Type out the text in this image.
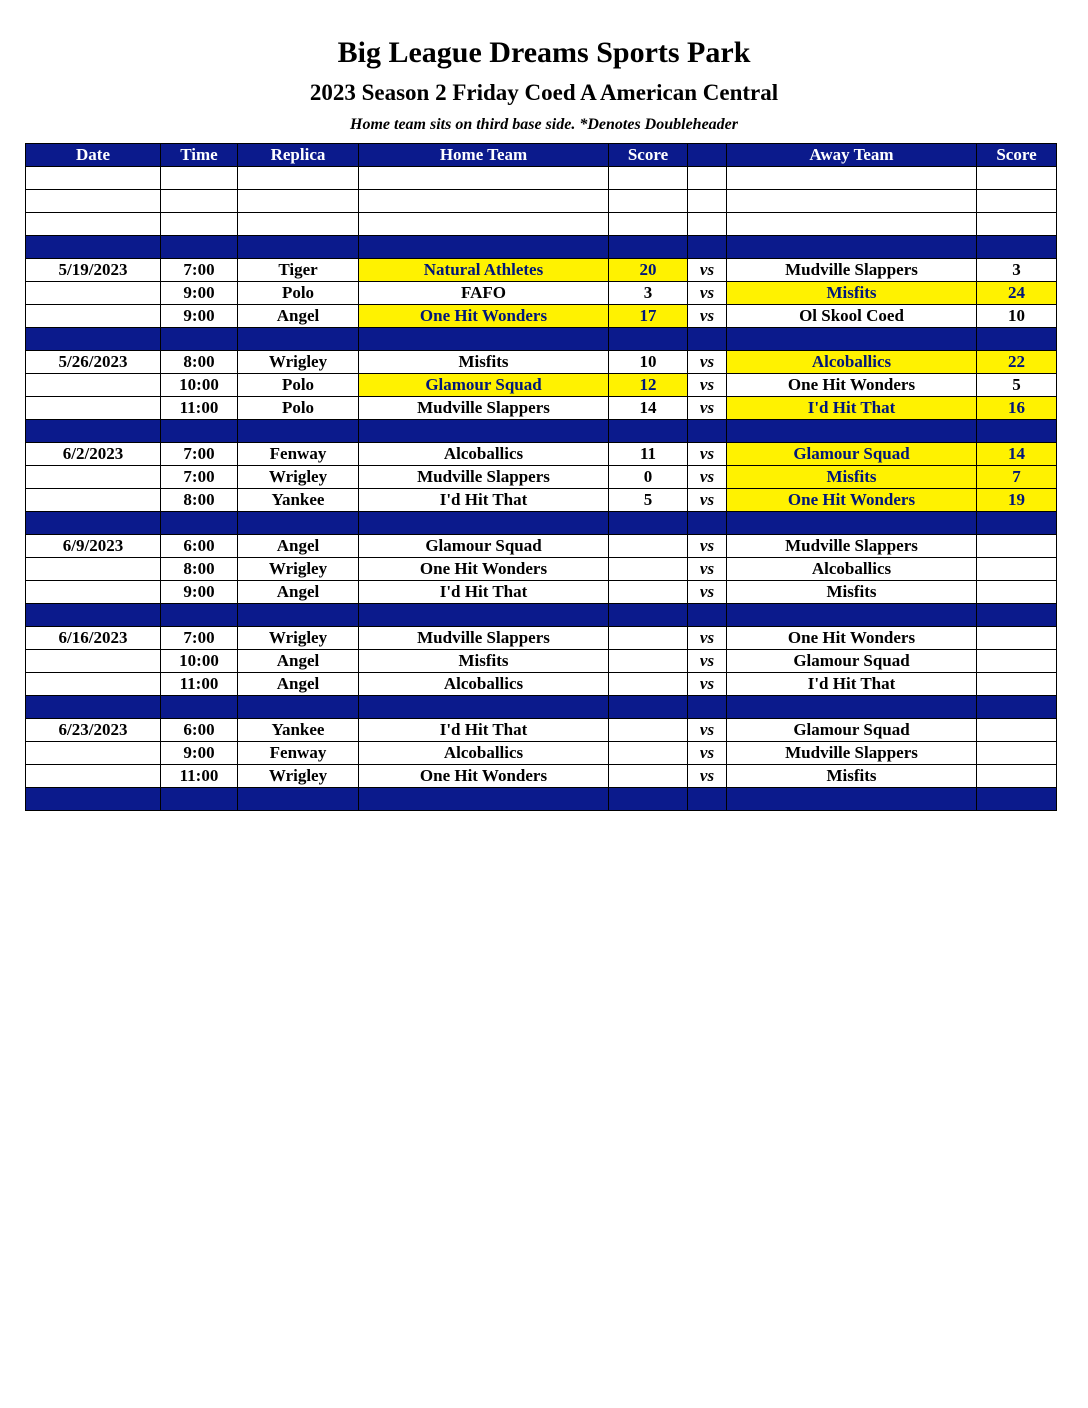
Big League Dreams Sports Park
2023 Season 2 Friday Coed A American Central
Home team sits on third base side. *Denotes Doubleheader
Date	Time	Replica	Home Team	Score		Away Team	Score

5/19/2023	7:00	Tiger	Natural Athletes	20	vs	Mudville Slappers	3
	9:00	Polo	FAFO	3	vs	Misfits	24
	9:00	Angel	One Hit Wonders	17	vs	Ol Skool Coed	10

5/26/2023	8:00	Wrigley	Misfits	10	vs	Alcoballics	22
	10:00	Polo	Glamour Squad	12	vs	One Hit Wonders	5
	11:00	Polo	Mudville Slappers	14	vs	I'd Hit That	16

6/2/2023	7:00	Fenway	Alcoballics	11	vs	Glamour Squad	14
	7:00	Wrigley	Mudville Slappers	0	vs	Misfits	7
	8:00	Yankee	I'd Hit That	5	vs	One Hit Wonders	19

6/9/2023	6:00	Angel	Glamour Squad		vs	Mudville Slappers	
	8:00	Wrigley	One Hit Wonders		vs	Alcoballics	
	9:00	Angel	I'd Hit That		vs	Misfits	

6/16/2023	7:00	Wrigley	Mudville Slappers		vs	One Hit Wonders	
	10:00	Angel	Misfits		vs	Glamour Squad	
	11:00	Angel	Alcoballics		vs	I'd Hit That	

6/23/2023	6:00	Yankee	I'd Hit That		vs	Glamour Squad	
	9:00	Fenway	Alcoballics		vs	Mudville Slappers	
	11:00	Wrigley	One Hit Wonders		vs	Misfits	
